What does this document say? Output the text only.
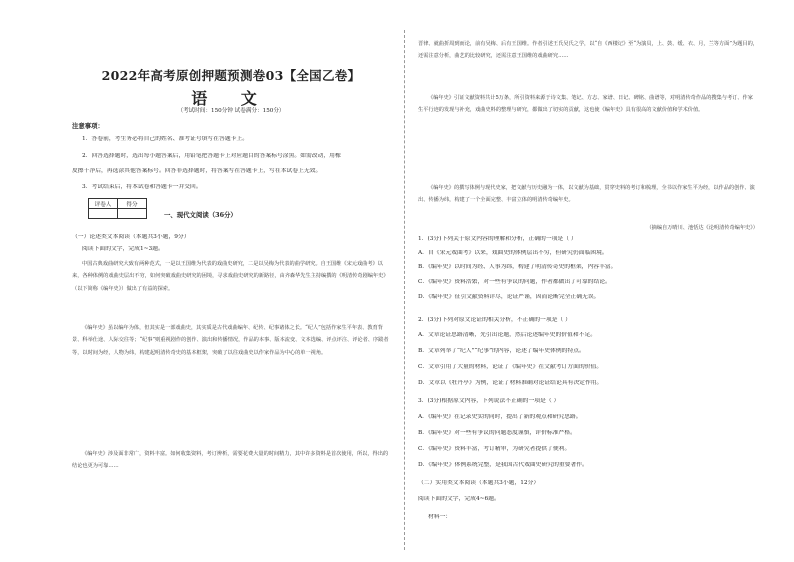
2022年高考原创押题预测卷03【全国乙卷】
语 文
（考试时间：150分钟 试卷满分：150分）
注意事项：
1．答卷前，考生务必将自己的姓名、准考证号填写在答题卡上。
2．回答选择题时，选出每小题答案后，用铅笔把答题卡上对应题目的答案标号涂黑。如需改动，用橡
皮擦干净后，再选涂其他答案标号。回答非选择题时，将答案写在答题卡上，写在本试卷上无效。
3．考试结束后，将本试卷和答题卡一并交回。
评卷人	得分

一、现代文阅读（36分）
（一）论述类文本阅读（本题共3小题，9分）
阅读下面的文字，完成1~3题。
中国古典戏曲研究大致有两种范式，一是以王国维为代表的戏曲史研究，二是以吴梅为代表的曲学研究。自王国维《宋元戏曲考》以来，各种体例的戏曲史层出不穷，如何突破戏曲史研究的困境，寻求戏曲史研究的新路径，由齐森华先生主持编撰的《明清传奇剧编年史》（以下简称《编年史》）做出了有益的探索。
《编年史》虽以编年为体，但其实是一部戏曲史，其实质是古代戏曲编年、纪传、纪事诸体之长。“纪人”包括作家生平年表、教育背景、科举仕途、人际交往等；“纪事”则重视剧作的创作、演出和传播情况，作品的本事、版本流变、文本选编、评点评注、评论者、序跋者等，以时间为经，人物为纬，构建起明清传奇史的基本框架，突破了以往戏曲史以作家作品为中心的单一视角。
《编年史》涉及面非常广，资料丰富。如何收集资料，考订辨析，需要花费大量的时间精力，其中许多资料是首次使用，所以，得出的结论也更为可靠……
晋律、就曲折周到而论，前有吴梅、后有王国维。作者引述王氏吴氏之学，以“自《西楼记》至“为演员，上、鼓、缓、衣、月，兰等方面”为题目的，还需注意分析，曲艺的比较研究，还需注意王国维的戏曲研究……
《编年史》引证文献资料共计5万条，所引资料来源于诗文集、笔记、方志、家谱、日记、碑铭、曲谱等，对明清传奇作品的搜集与考订、作家生平行迹的发现与补充，戏曲史料的整理与研究，都做出了切实的贡献，这也使《编年史》具有很高的文献价值和学术价值。
《编年史》的撰写体例与现代史家，把文献与历史融为一体，以文献为基础，贯穿史料的考订和梳理，全书以作家生平为经，以作品的创作、演出、传播为纬，构建了一个全面完整、丰富立体的明清传奇编年史。
（摘编自万晴川、池恬达《论明清传奇编年史》）
1．(3分)下列关于原文内容的理解和分析，正确的一项是（ ）
A．自《宋元戏曲考》以来，戏曲史的体例层出不穷，但研究仍面临困境。
B．《编年史》以时间为经、人事为纬，构建了明清传奇史的框架，内容丰富。
C．《编年史》资料浩繁，对一些有争议的问题，作者都做出了可靠的结论。
D．《编年史》征引文献资料详尽，论证严谨，因而论断完全正确无误。
2．(3分)下列对原文论证的相关分析，不正确的一项是（ ）
A．文章论证思路清晰，先引出论题，然后论述编年史的价值和不足。
B．文章列举了“纪人”“纪事”的内容，论述了编年史体例的特点。
C．文章引用了大量的材料，论证了《编年史》在文献考订方面的价值。
D．文章以《牡丹亭》为例，论证了材料准确对论证结论具有决定作用。
3．(3分)根据原文内容，下列说法不正确的一项是（ ）
A．《编年史》在记录史实的同时，提出了新的观点和研究思路。
B．《编年史》对一些有争议的问题态度谨慎，评价标准严格。
C．《编年史》资料丰富，考订精审，为研究者提供了便利。
D．《编年史》体例系统完整，是我国古代戏曲史研究的重要著作。
（二）实用类文本阅读（本题共3小题，12分）
阅读下面的文字，完成4~6题。
材料一：
